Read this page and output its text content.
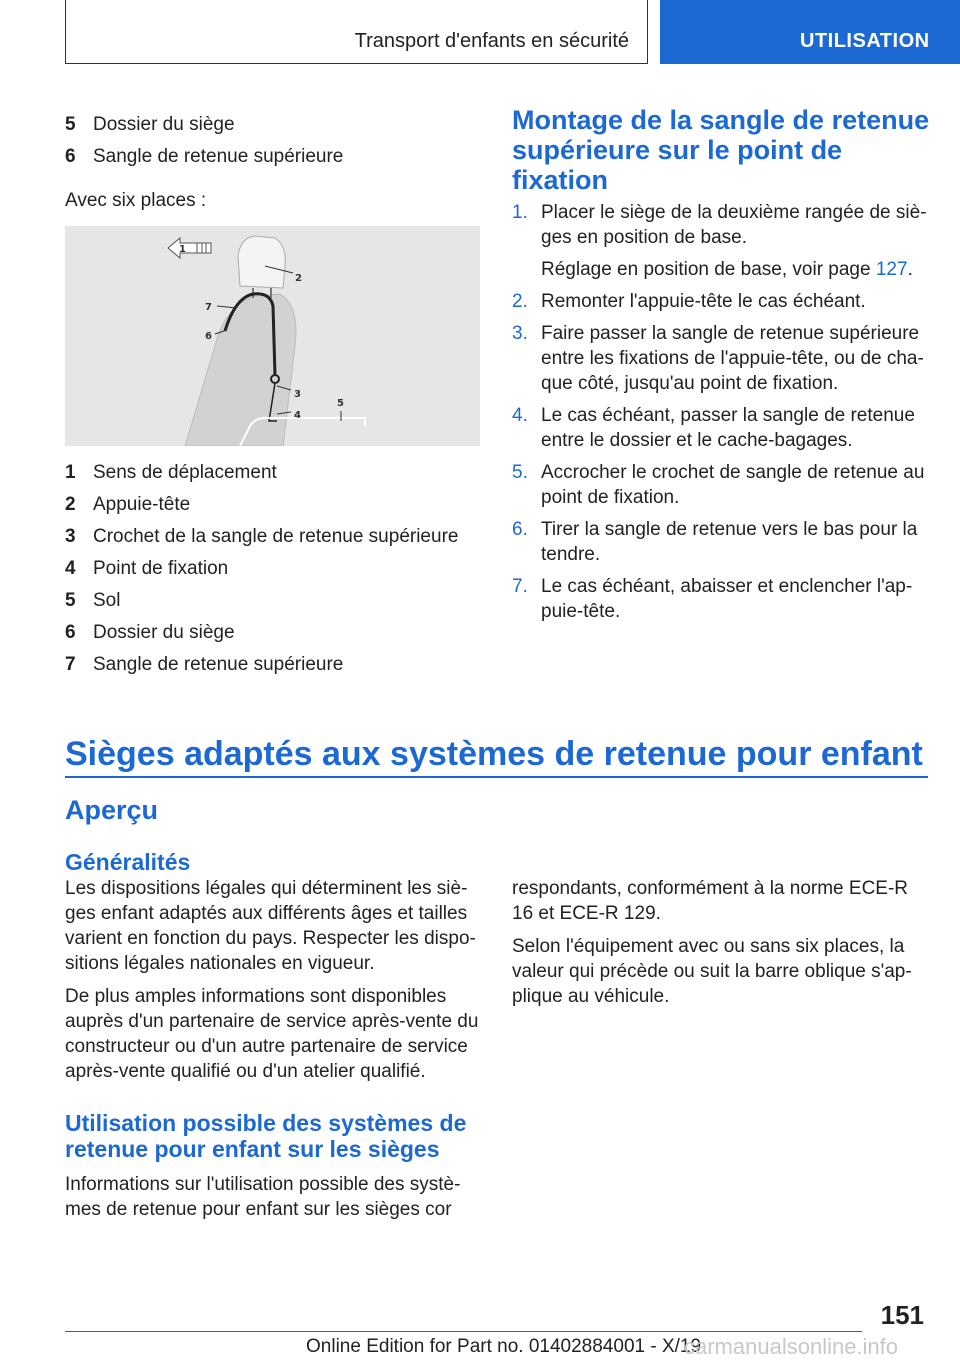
Transport d'enfants en sécurité	UTILISATION
5 Dossier du siège
6 Sangle de retenue supérieure
Avec six places :
1
2
7
6
3
4
5
1 Sens de déplacement
2 Appuie-tête
3 Crochet de la sangle de retenue supérieure
4 Point de fixation
5 Sol
6 Dossier du siège
7 Sangle de retenue supérieure
Montage de la sangle de retenue supérieure sur le point de fixation
1. Placer le siège de la deuxième rangée de sièges en position de base.
Réglage en position de base, voir page 127.
2. Remonter l'appuie-tête le cas échéant.
3. Faire passer la sangle de retenue supérieure entre les fixations de l'appuie-tête, ou de chaque côté, jusqu'au point de fixation.
4. Le cas échéant, passer la sangle de retenue entre le dossier et le cache-bagages.
5. Accrocher le crochet de sangle de retenue au point de fixation.
6. Tirer la sangle de retenue vers le bas pour la tendre.
7. Le cas échéant, abaisser et enclencher l'appuie-tête.
Sièges adaptés aux systèmes de retenue pour enfant
Aperçu
Généralités
Les dispositions légales qui déterminent les sièges enfant adaptés aux différents âges et tailles varient en fonction du pays. Respecter les dispositions légales nationales en vigueur.
De plus amples informations sont disponibles auprès d'un partenaire de service après-vente du constructeur ou d'un autre partenaire de service après-vente qualifié ou d'un atelier qualifié.
Utilisation possible des systèmes de retenue pour enfant sur les sièges
Informations sur l'utilisation possible des systèmes de retenue pour enfant sur les sièges cor
respondants, conformément à la norme ECE-R 16 et ECE-R 129.
Selon l'équipement avec ou sans six places, la valeur qui précède ou suit la barre oblique s'applique au véhicule.
151
Online Edition for Part no. 01402884001 - X/19
carmanualsonline.info
